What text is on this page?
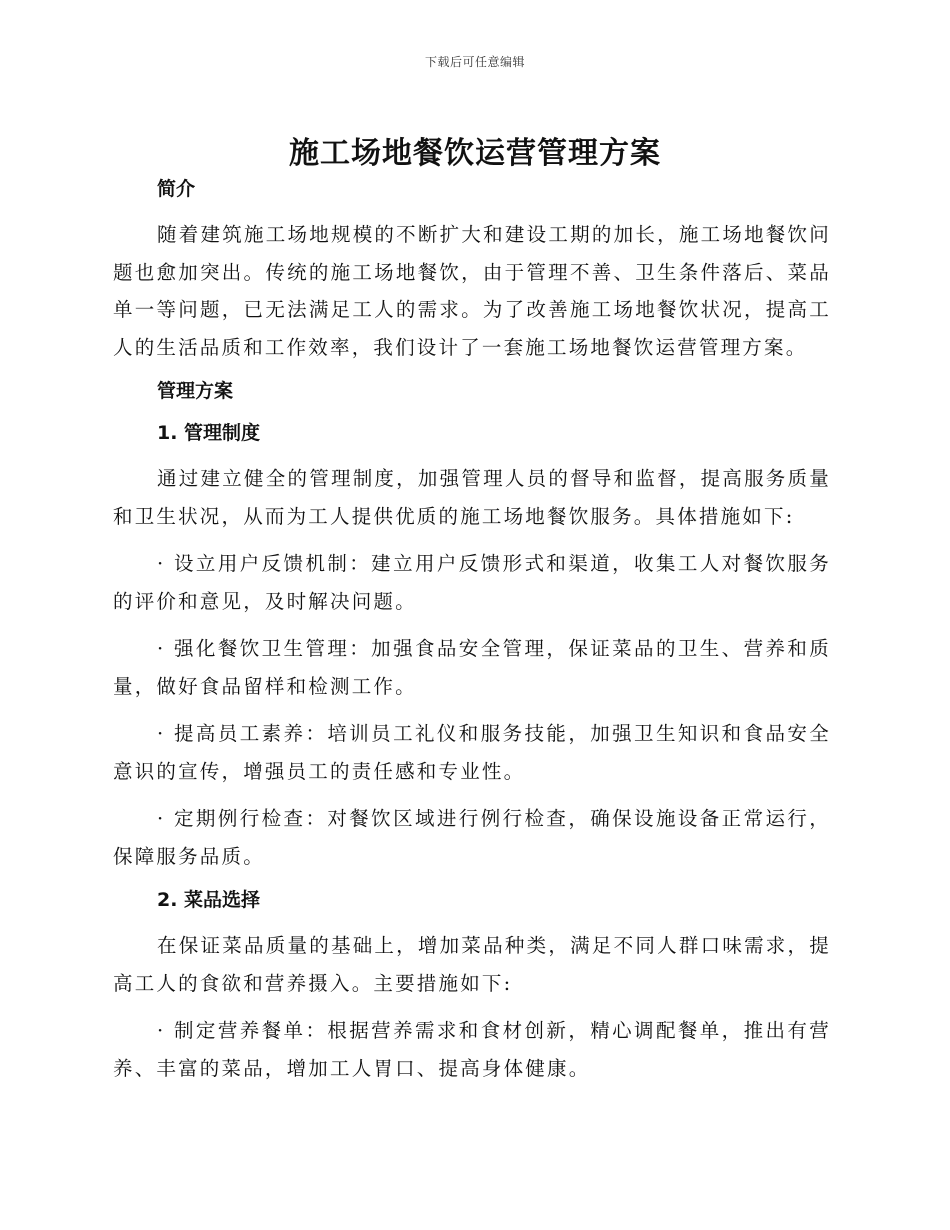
下载后可任意编辑
施工场地餐饮运营管理方案
简介

随着建筑施工场地规模的不断扩大和建设工期的加长，施工场地餐饮问题也愈加突出。传统的施工场地餐饮，由于管理不善、卫生条件落后、菜品单一等问题，已无法满足工人的需求。为了改善施工场地餐饮状况，提高工人的生活品质和工作效率，我们设计了一套施工场地餐饮运营管理方案。

管理方案
1. 管理制度

通过建立健全的管理制度，加强管理人员的督导和监督，提高服务质量和卫生状况，从而为工人提供优质的施工场地餐饮服务。具体措施如下:

· 设立用户反馈机制：建立用户反馈形式和渠道，收集工人对餐饮服务的评价和意见，及时解决问题。

· 强化餐饮卫生管理：加强食品安全管理，保证菜品的卫生、营养和质量，做好食品留样和检测工作。

· 提高员工素养：培训员工礼仪和服务技能，加强卫生知识和食品安全意识的宣传，增强员工的责任感和专业性。

· 定期例行检查：对餐饮区域进行例行检查，确保设施设备正常运行，保障服务品质。

2. 菜品选择

在保证菜品质量的基础上，增加菜品种类，满足不同人群口味需求，提高工人的食欲和营养摄入。主要措施如下:

· 制定营养餐单：根据营养需求和食材创新，精心调配餐单，推出有营养、丰富的菜品，增加工人胃口、提高身体健康。
